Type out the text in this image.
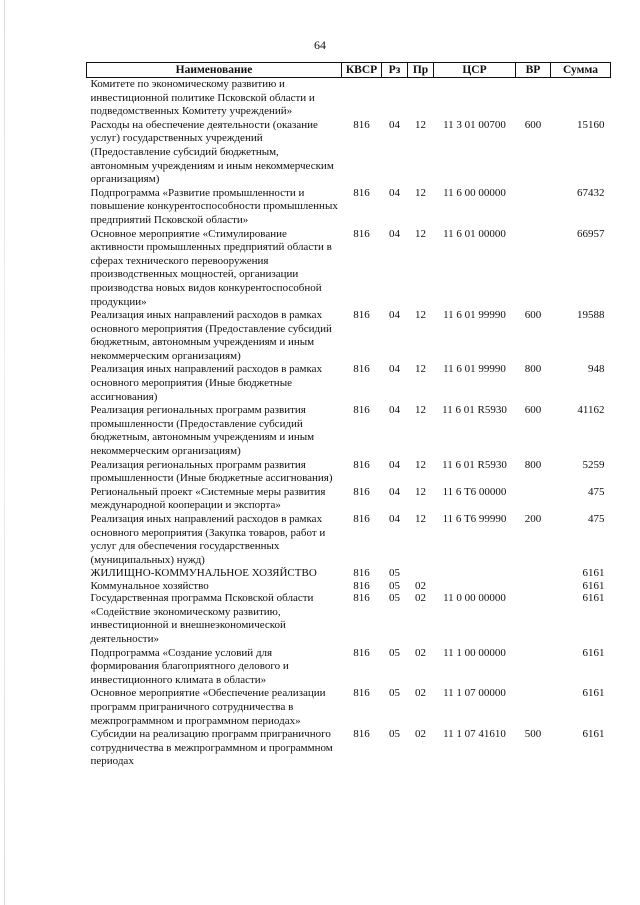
64
Наименование	КВСР	Рз	Пр	ЦСР	ВР	Сумма
Комитете по экономическому развитию и инвестиционной политике Псковской области и подведомственных Комитету учреждений»						
Расходы на обеспечение деятельности (оказание услуг) государственных учреждений (Предоставление субсидий бюджетным, автономным учреждениям и иным некоммерческим организациям)	816	04	12	11 3 01 00700	600	15160
Подпрограмма «Развитие промышленности и повышение конкурентоспособности промышленных предприятий Псковской области»	816	04	12	11 6 00 00000		67432
Основное мероприятие «Стимулирование активности промышленных предприятий области в сферах технического перевооружения производственных мощностей, организации производства новых видов конкурентоспособной продукции»	816	04	12	11 6 01 00000		66957
Реализация иных направлений расходов в рамках основного мероприятия (Предоставление субсидий бюджетным, автономным учреждениям и иным некоммерческим организациям)	816	04	12	11 6 01 99990	600	19588
Реализация иных направлений расходов в рамках основного мероприятия (Иные бюджетные ассигнования)	816	04	12	11 6 01 99990	800	948
Реализация региональных программ развития промышленности (Предоставление субсидий бюджетным, автономным учреждениям и иным некоммерческим организациям)	816	04	12	11 6 01 R5930	600	41162
Реализация региональных программ развития промышленности (Иные бюджетные ассигнования)	816	04	12	11 6 01 R5930	800	5259
Региональный проект «Системные меры развития международной кооперации и экспорта»	816	04	12	11 6 T6 00000		475
Реализация иных направлений расходов в рамках основного мероприятия (Закупка товаров, работ и услуг для обеспечения государственных (муниципальных) нужд)	816	04	12	11 6 T6 99990	200	475
ЖИЛИЩНО-КОММУНАЛЬНОЕ ХОЗЯЙСТВО	816	05				6161
Коммунальное хозяйство	816	05	02			6161
Государственная программа Псковской области «Содействие экономическому развитию, инвестиционной и внешнеэкономической деятельности»	816	05	02	11 0 00 00000		6161
Подпрограмма «Создание условий для формирования благоприятного делового и инвестиционного климата в области»	816	05	02	11 1 00 00000		6161
Основное мероприятие «Обеспечение реализации программ приграничного сотрудничества в межпрограммном и программном периодах»	816	05	02	11 1 07 00000		6161
Субсидии на реализацию программ приграничного сотрудничества в межпрограммном и программном периодах	816	05	02	11 1 07 41610	500	6161
